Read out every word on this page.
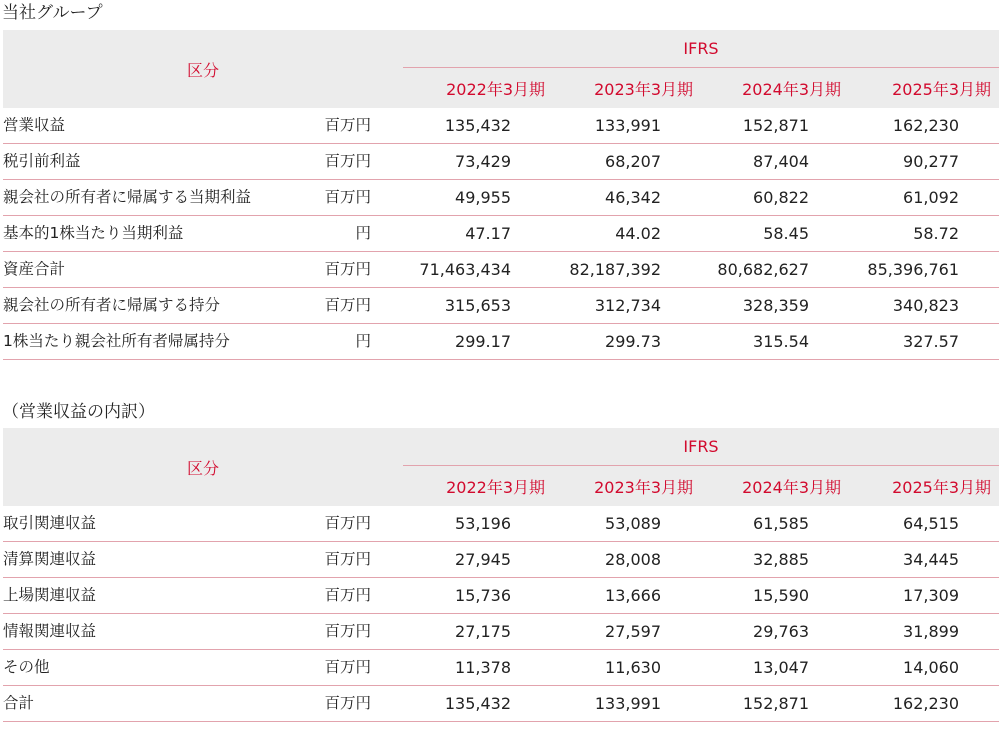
当社グループ
区分
IFRS
2022年3月期	2023年3月期	2024年3月期	2025年3月期
営業収益	百万円	135,432	133,991	152,871	162,230
税引前利益	百万円	73,429	68,207	87,404	90,277
親会社の所有者に帰属する当期利益	百万円	49,955	46,342	60,822	61,092
基本的1株当たり当期利益	円	47.17	44.02	58.45	58.72
資産合計	百万円	71,463,434	82,187,392	80,682,627	85,396,761
親会社の所有者に帰属する持分	百万円	315,653	312,734	328,359	340,823
1株当たり親会社所有者帰属持分	円	299.17	299.73	315.54	327.57
（営業収益の内訳）
区分
IFRS
2022年3月期	2023年3月期	2024年3月期	2025年3月期
取引関連収益	百万円	53,196	53,089	61,585	64,515
清算関連収益	百万円	27,945	28,008	32,885	34,445
上場関連収益	百万円	15,736	13,666	15,590	17,309
情報関連収益	百万円	27,175	27,597	29,763	31,899
その他	百万円	11,378	11,630	13,047	14,060
合計	百万円	135,432	133,991	152,871	162,230
